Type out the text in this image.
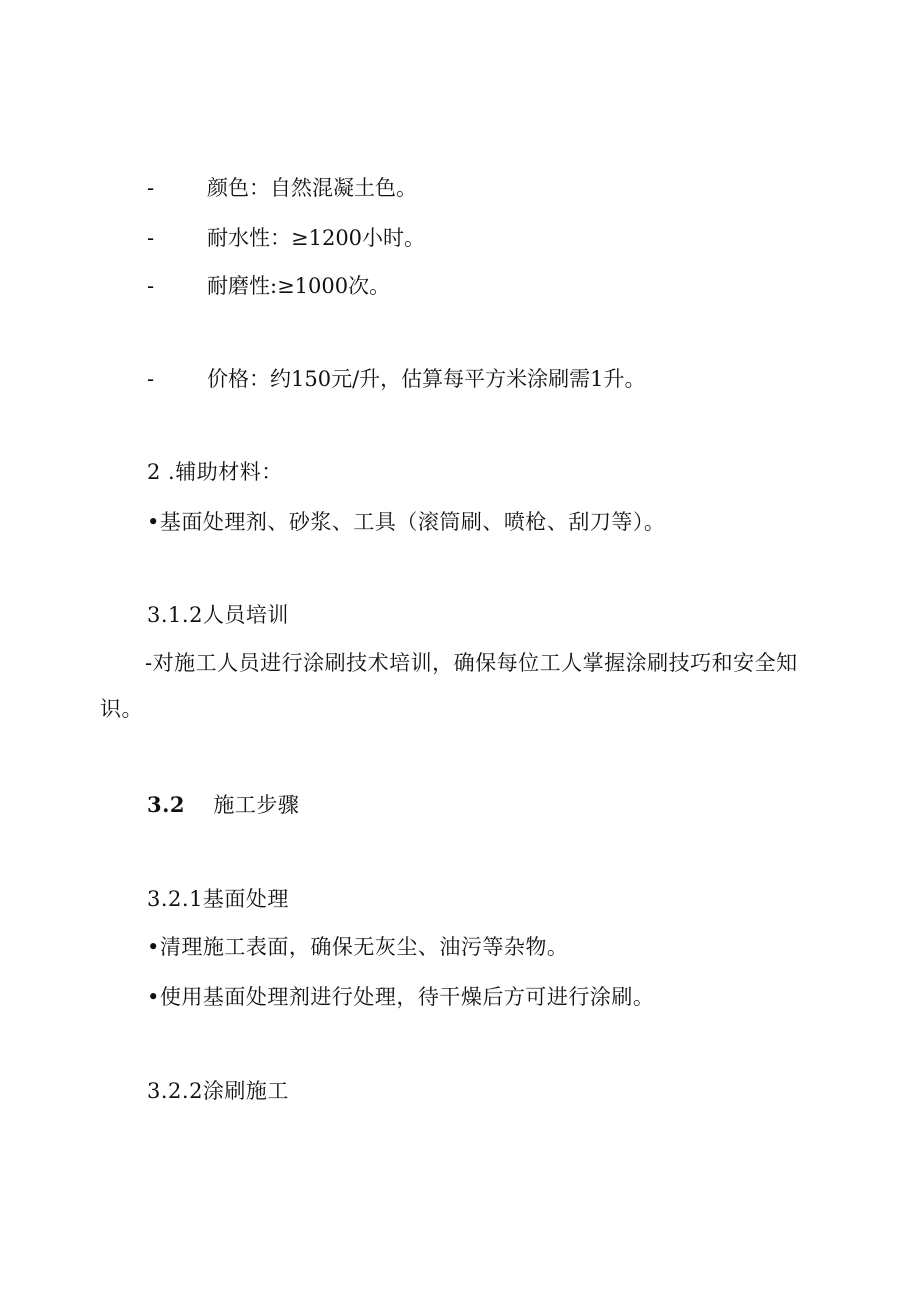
-	颜色：自然混凝土色。
-	耐水性：≥1200小时。
-	耐磨性:≥1000次。
-	价格：约150元/升，估算每平方米涂刷需1升。
2 .辅助材料：
•基面处理剂、砂浆、工具（滚筒刷、喷枪、刮刀等）。
3.1.2人员培训
-对施工人员进行涂刷技术培训，确保每位工人掌握涂刷技巧和安全知识。
3.2 施工步骤
3.2.1基面处理
•清理施工表面，确保无灰尘、油污等杂物。
•使用基面处理剂进行处理，待干燥后方可进行涂刷。
3.2.2涂刷施工
